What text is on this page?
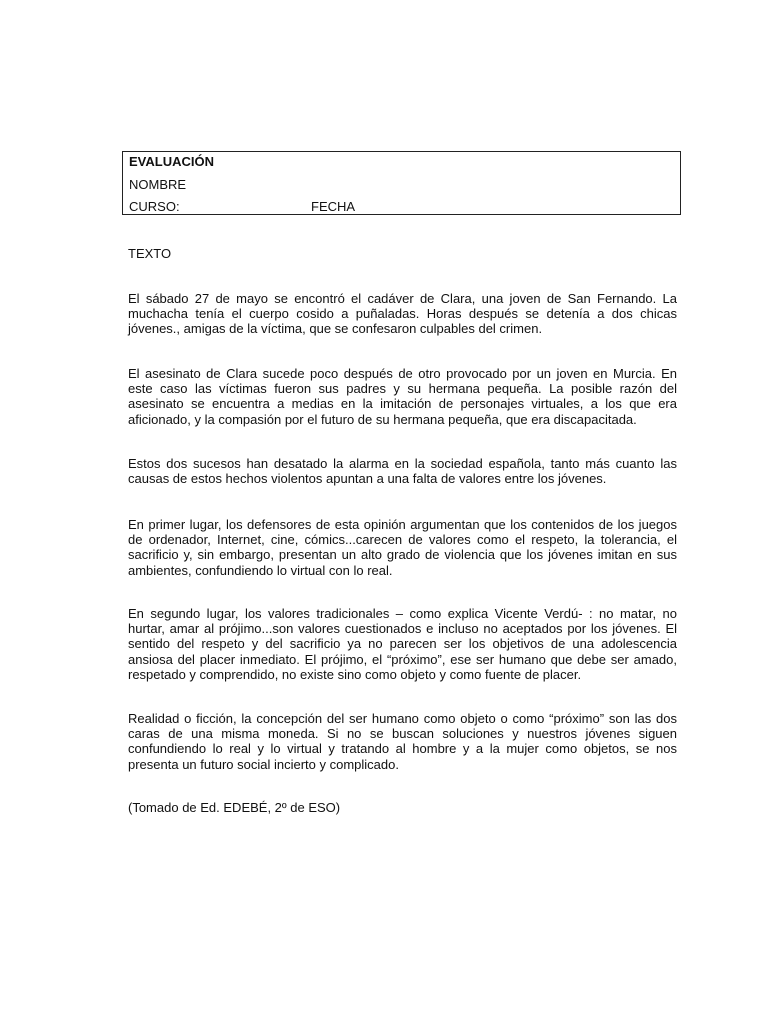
EVALUACIÓN
NOMBRE
CURSO:	FECHA
TEXTO

El sábado 27 de mayo se encontró el cadáver de Clara, una joven de San Fernando. La muchacha tenía el cuerpo cosido a puñaladas. Horas después se detenía a dos chicas jóvenes., amigas de la víctima, que se confesaron culpables del crimen.

El asesinato de Clara sucede poco después de otro provocado por un joven en Murcia. En este caso las víctimas fueron sus padres y su hermana pequeña. La posible razón del asesinato se encuentra a medias en la imitación de personajes virtuales, a los que era aficionado, y la compasión por el futuro de su hermana pequeña, que era discapacitada.

Estos dos sucesos han desatado la alarma en la sociedad española, tanto más cuanto las causas de estos hechos violentos apuntan a una falta de valores entre los jóvenes.

En primer lugar, los defensores de esta opinión argumentan que los contenidos de los juegos de ordenador, Internet, cine, cómics...carecen de valores como el respeto, la tolerancia, el sacrificio y, sin embargo, presentan un alto grado de violencia que los jóvenes imitan en sus ambientes, confundiendo lo virtual con lo real.

En segundo lugar, los valores tradicionales – como explica Vicente Verdú- : no matar, no hurtar, amar al prójimo...son valores cuestionados e incluso no aceptados por los jóvenes. El sentido del respeto y del sacrificio ya no parecen ser los objetivos de una adolescencia ansiosa del placer inmediato. El prójimo, el “próximo”, ese ser humano que debe ser amado, respetado y comprendido, no existe sino como objeto y como fuente de placer.

Realidad o ficción, la concepción del ser humano como objeto o como “próximo” son las dos caras de una misma moneda. Si no se buscan soluciones y nuestros jóvenes siguen confundiendo lo real y lo virtual y tratando al hombre y a la mujer como objetos, se nos presenta un futuro social incierto y complicado.

(Tomado de Ed. EDEBÉ, 2º de ESO)
